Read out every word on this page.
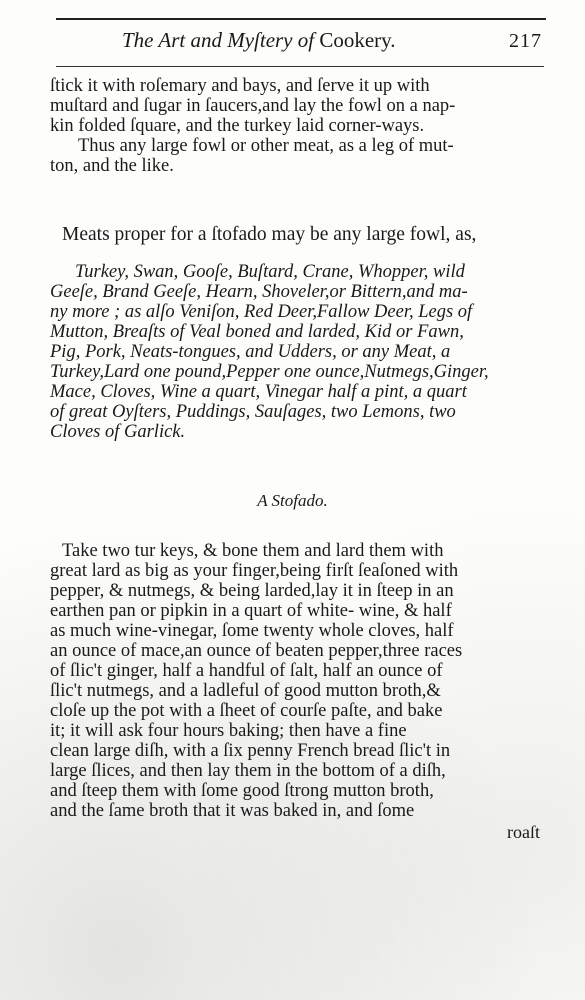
The Art and Myſtery of Cookery.	217
ſtick it with roſemary and bays, and ſerve it up with
muſtard and ſugar in ſaucers,and lay the fowl on a nap-
kin folded ſquare, and the turkey laid corner-ways.
Thus any large fowl or other meat, as a leg of mut-
ton, and the like.
Meats proper for a ſtofado may be any large fowl, as,
Turkey, Swan, Gooſe, Buſtard, Crane, Whopper, wild
Geeſe, Brand Geeſe, Hearn, Shoveler,or Bittern,and ma-
ny more ; as alſo Veniſon, Red Deer,Fallow Deer, Legs of
Mutton, Breaſts of Veal boned and larded, Kid or Fawn,
Pig, Pork, Neats-tongues, and Udders, or any Meat, a
Turkey,Lard one pound,Pepper one ounce,Nutmegs,Ginger,
Mace, Cloves, Wine a quart, Vinegar half a pint, a quart
of great Oyſters, Puddings, Sauſages, two Lemons, two
Cloves of Garlick.
A Stofado.
Take two tur keys, & bone them and lard them with
great lard as big as your finger,being firſt ſeaſoned with
pepper, & nutmegs, & being larded,lay it in ſteep in an
earthen pan or pipkin in a quart of white- wine, & half
as much wine-vinegar, ſome twenty whole cloves, half
an ounce of mace,an ounce of beaten pepper,three races
of ſlic't ginger, half a handful of ſalt, half an ounce of
ſlic't nutmegs, and a ladleful of good mutton broth,&
cloſe up the pot with a ſheet of courſe paſte, and bake
it; it will ask four hours baking; then have a fine
clean large diſh, with a ſix penny French bread ſlic't in
large ſlices, and then lay them in the bottom of a diſh,
and ſteep them with ſome good ſtrong mutton broth,
and the ſame broth that it was baked in, and ſome
roaſt
